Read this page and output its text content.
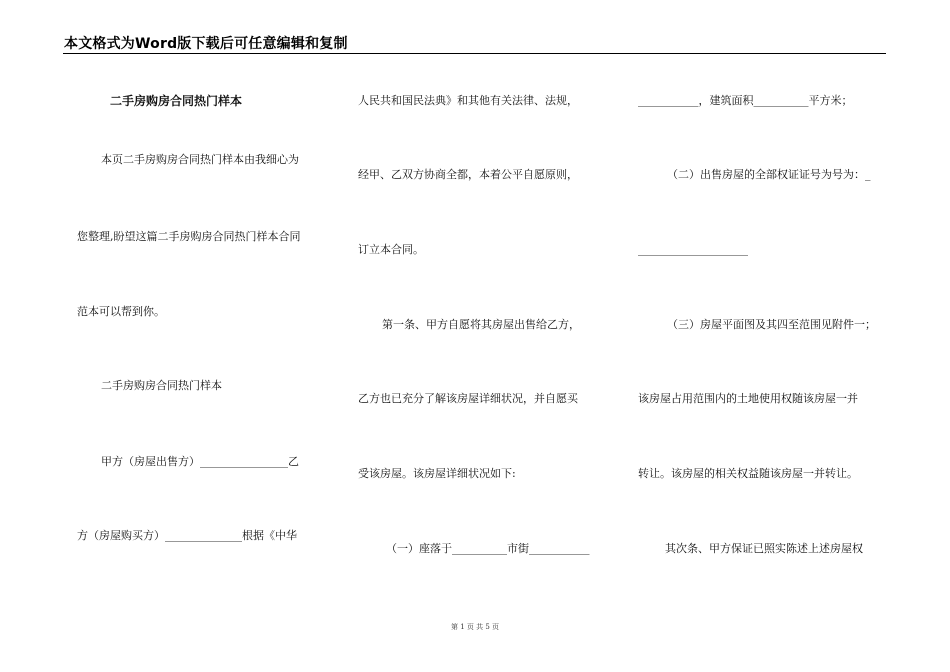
本文格式为Word版下载后可任意编辑和复制
二手房购房合同热门样本
本页二手房购房合同热门样本由我细心为
您整理,盼望这篇二手房购房合同热门样本合同
范本可以帮到你。
二手房购房合同热门样本
甲方（房屋出售方）________________乙
方（房屋购买方）______________根据《中华
人民共和国民法典》和其他有关法律、法规，
经甲、乙双方协商全都，本着公平自愿原则，
订立本合同。
第一条、甲方自愿将其房屋出售给乙方，
乙方也已充分了解该房屋详细状况，并自愿买
受该房屋。该房屋详细状况如下:
（一）座落于__________市街___________
___________，建筑面积__________平方米；
（二）出售房屋的全部权证证号为号为：_
____________________
（三）房屋平面图及其四至范围见附件一；
该房屋占用范围内的土地使用权随该房屋一并
转让。该房屋的相关权益随该房屋一并转让。
其次条、甲方保证已照实陈述上述房屋权
第 1 页 共 5 页
